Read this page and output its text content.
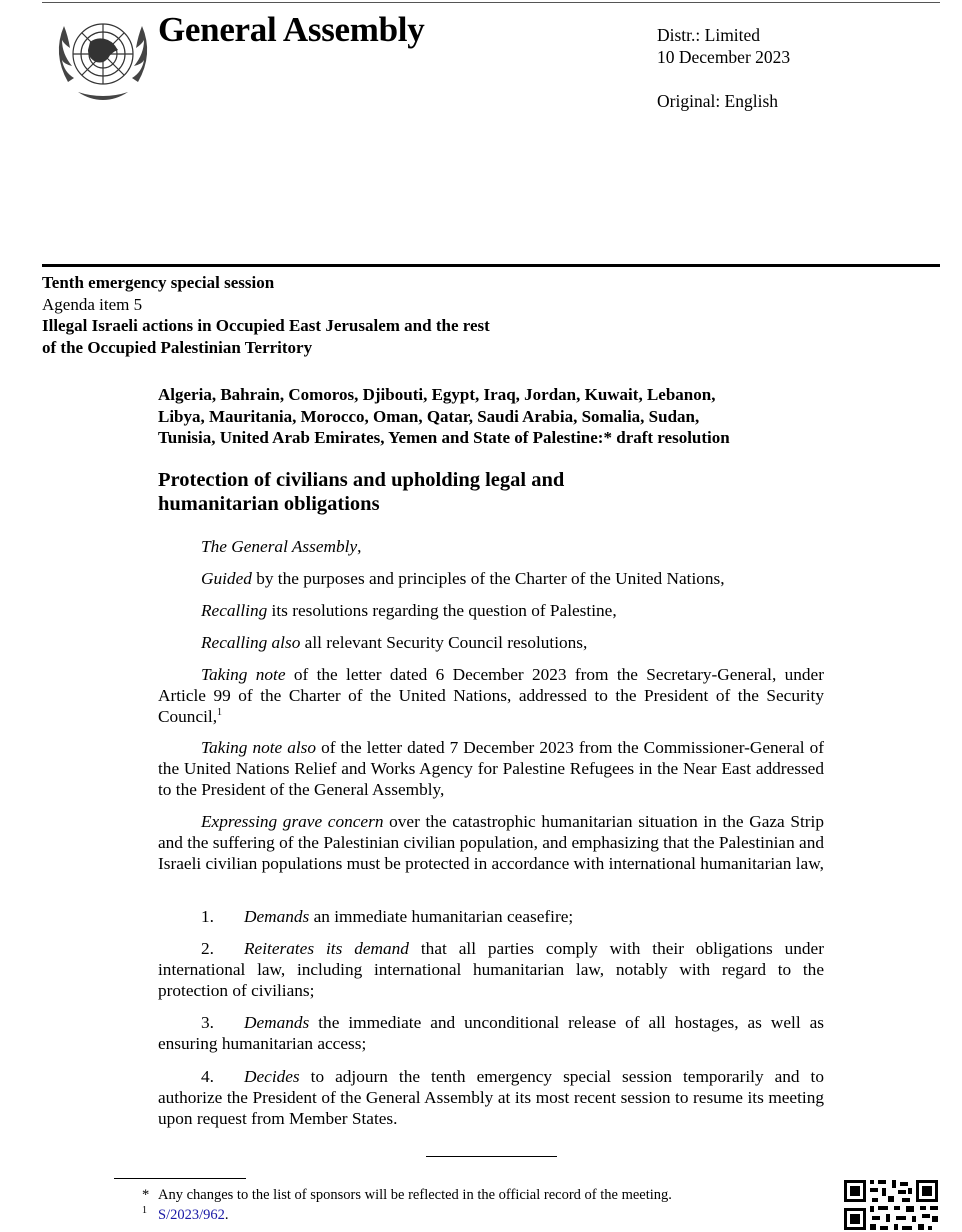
General Assembly	Distr.: Limited
10 December 2023
Original: English
Tenth emergency special session
Agenda item 5
Illegal Israeli actions in Occupied East Jerusalem and the rest
of the Occupied Palestinian Territory
Algeria, Bahrain, Comoros, Djibouti, Egypt, Iraq, Jordan, Kuwait, Lebanon,
Libya, Mauritania, Morocco, Oman, Qatar, Saudi Arabia, Somalia, Sudan,
Tunisia, United Arab Emirates, Yemen and State of Palestine:* draft resolution
Protection of civilians and upholding legal and
humanitarian obligations
The General Assembly,
Guided by the purposes and principles of the Charter of the United Nations,
Recalling its resolutions regarding the question of Palestine,
Recalling also all relevant Security Council resolutions,
Taking note of the letter dated 6 December 2023 from the Secretary-General, under Article 99 of the Charter of the United Nations, addressed to the President of the Security Council,$^1$
Taking note also of the letter dated 7 December 2023 from the Commissioner-General of the United Nations Relief and Works Agency for Palestine Refugees in the Near East addressed to the President of the General Assembly,
Expressing grave concern over the catastrophic humanitarian situation in the Gaza Strip and the suffering of the Palestinian civilian population, and emphasizing that the Palestinian and Israeli civilian populations must be protected in accordance with international humanitarian law,
1. Demands an immediate humanitarian ceasefire;
2. Reiterates its demand that all parties comply with their obligations under international law, including international humanitarian law, notably with regard to the protection of civilians;
3. Demands the immediate and unconditional release of all hostages, as well as ensuring humanitarian access;
4. Decides to adjourn the tenth emergency special session temporarily and to authorize the President of the General Assembly at its most recent session to resume its meeting upon request from Member States.
* Any changes to the list of sponsors will be reflected in the official record of the meeting.
$^1$ S/2023/962.
